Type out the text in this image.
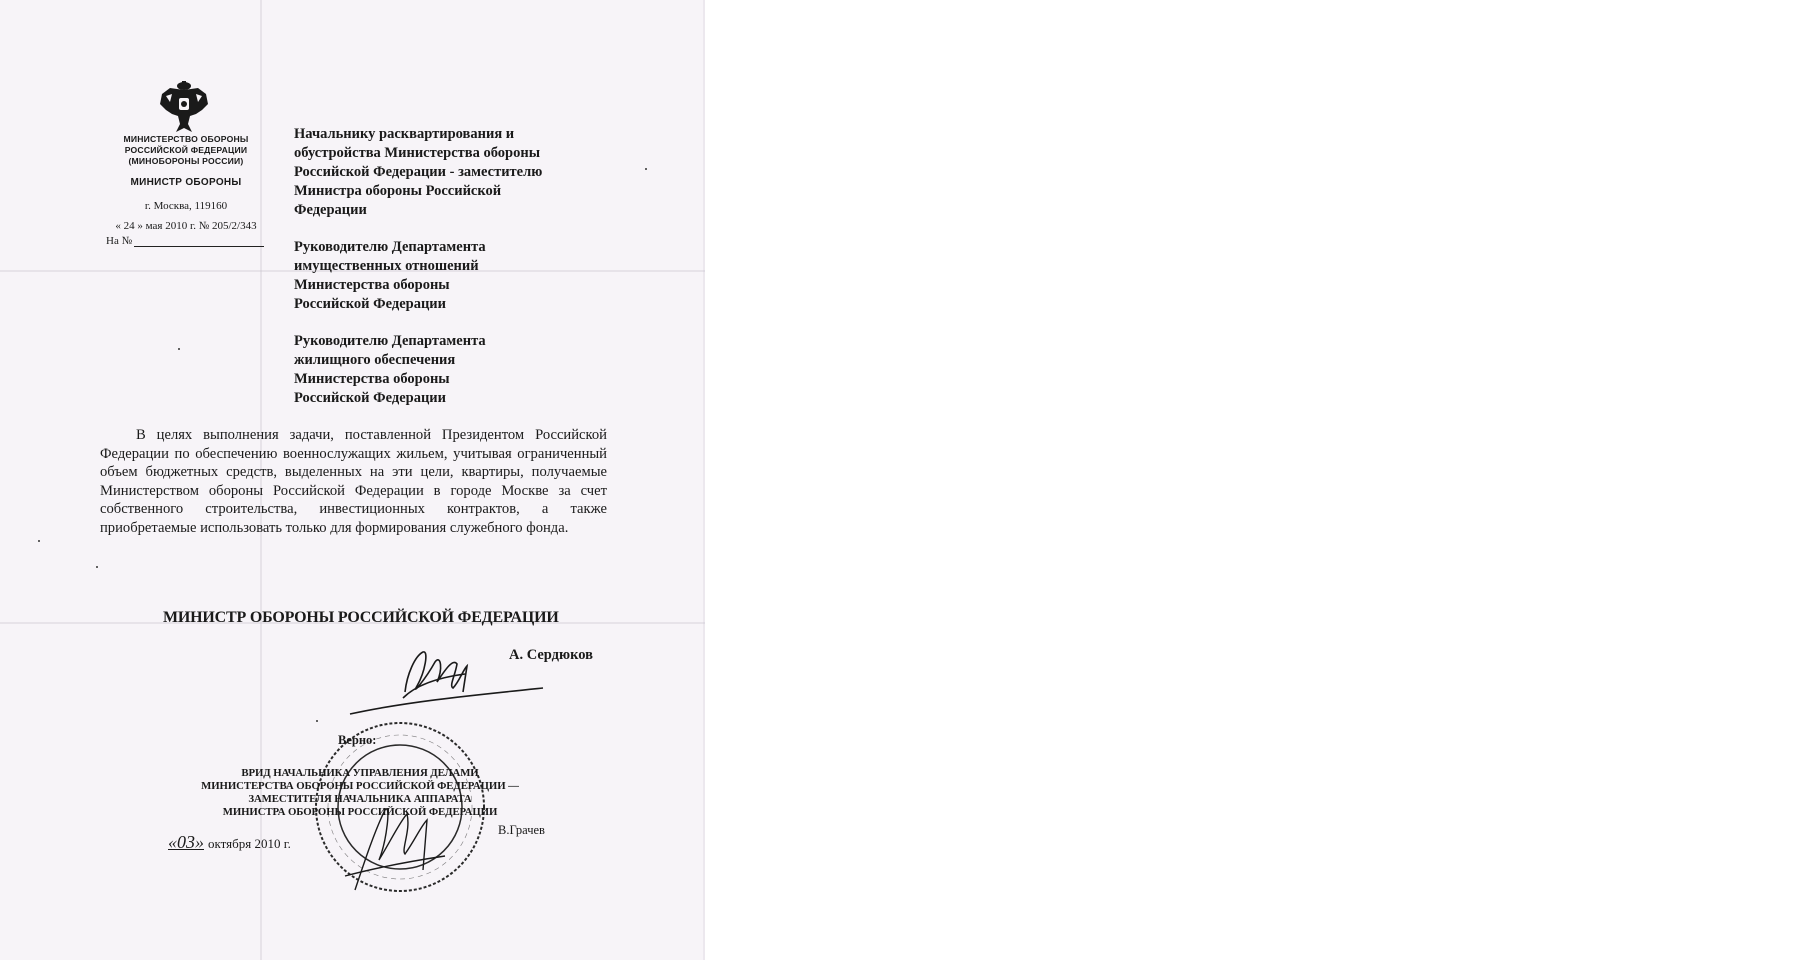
МИНИСТЕРСТВО ОБОРОНЫ
РОССИЙСКОЙ ФЕДЕРАЦИИ
(МИНОБОРОНЫ РОССИИ)
МИНИСТР ОБОРОНЫ
г. Москва, 119160
« 24 » мая 2010 г. № 205/2/343
На №
Начальнику расквартирования и
обустройства Министерства обороны
Российской Федерации - заместителю
Министра обороны Российской
Федерации
Руководителю Департамента
имущественных отношений
Министерства обороны
Российской Федерации
Руководителю Департамента
жилищного обеспечения
Министерства обороны
Российской Федерации
В целях выполнения задачи, поставленной Президентом Российской Федерации по обеспечению военнослужащих жильем, учитывая ограниченный объем бюджетных средств, выделенных на эти цели, квартиры, получаемые Министерством обороны Российской Федерации в городе Москве за счет собственного строительства, инвестиционных контрактов, а также приобретаемые использовать только для формирования служебного фонда.
МИНИСТР ОБОРОНЫ РОССИЙСКОЙ ФЕДЕРАЦИИ
А. Сердюков
Верно:
ВРИД НАЧАЛЬНИКА УПРАВЛЕНИЯ ДЕЛАМИ
МИНИСТЕРСТВА ОБОРОНЫ РОССИЙСКОЙ ФЕДЕРАЦИИ —
ЗАМЕСТИТЕЛЯ НАЧАЛЬНИКА АППАРАТА
МИНИСТРА ОБОРОНЫ РОССИЙСКОЙ ФЕДЕРАЦИИ
В.Грачев
«03» октября 2010 г.
